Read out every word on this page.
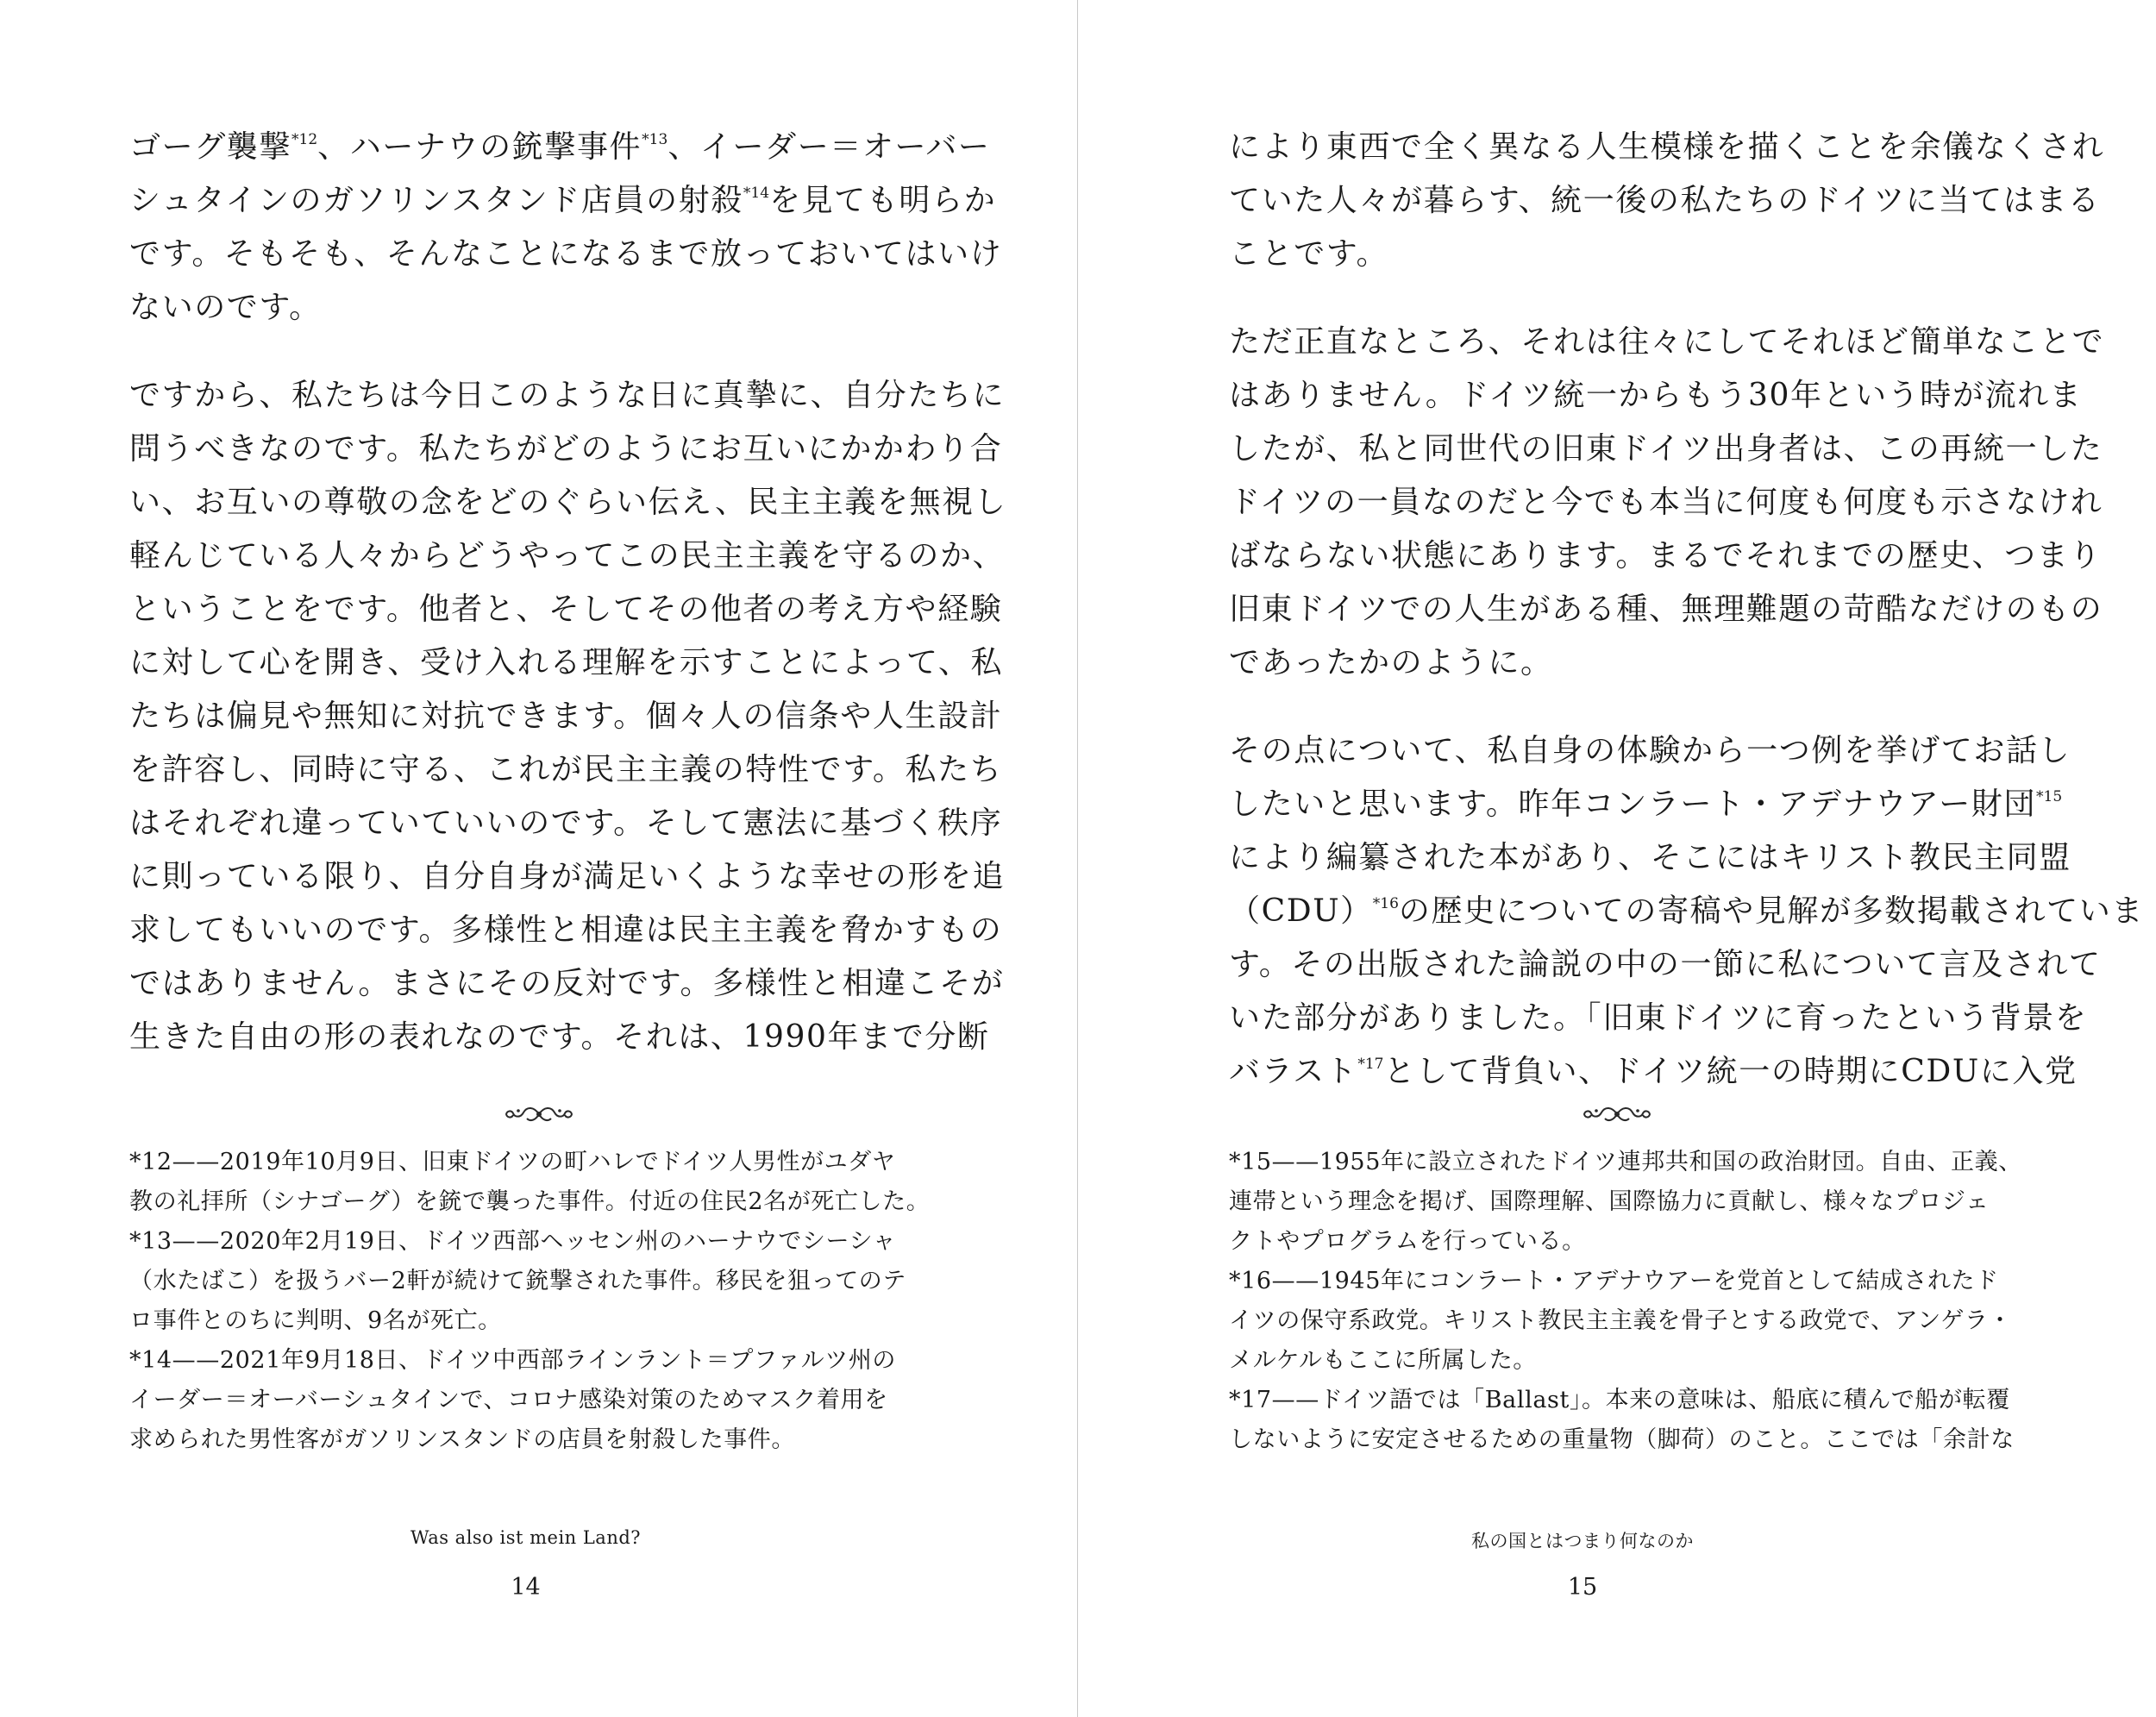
ゴーグ襲撃$^{*12}$、ハーナウの銃撃事件$^{*13}$、イーダー＝オーバー
シュタインのガソリンスタンド店員の射殺$^{*14}$を見ても明らか
です。そもそも、そんなことになるまで放っておいてはいけ
ないのです。

ですから、私たちは今日このような日に真摯に、自分たちに
問うべきなのです。私たちがどのようにお互いにかかわり合
い、お互いの尊敬の念をどのぐらい伝え、民主主義を無視し
軽んじている人々からどうやってこの民主主義を守るのか、
ということをです。他者と、そしてその他者の考え方や経験
に対して心を開き、受け入れる理解を示すことによって、私
たちは偏見や無知に対抗できます。個々人の信条や人生設計
を許容し、同時に守る、これが民主主義の特性です。私たち
はそれぞれ違っていていいのです。そして憲法に基づく秩序
に則っている限り、自分自身が満足いくような幸せの形を追
求してもいいのです。多様性と相違は民主主義を脅かすもの
ではありません。まさにその反対です。多様性と相違こそが
生きた自由の形の表れなのです。それは、1990年まで分断

*12——2019年10月9日、旧東ドイツの町ハレでドイツ人男性がユダヤ
教の礼拝所（シナゴーグ）を銃で襲った事件。付近の住民2名が死亡した。

*13——2020年2月19日、ドイツ西部ヘッセン州のハーナウでシーシャ
（水たばこ）を扱うバー2軒が続けて銃撃された事件。移民を狙ってのテ
ロ事件とのちに判明、9名が死亡。

*14——2021年9月18日、ドイツ中西部ラインラント＝プファルツ州の
イーダー＝オーバーシュタインで、コロナ感染対策のためマスク着用を
求められた男性客がガソリンスタンドの店員を射殺した事件。

Was also ist mein Land?
14

により東西で全く異なる人生模様を描くことを余儀なくされ
ていた人々が暮らす、統一後の私たちのドイツに当てはまる
ことです。

ただ正直なところ、それは往々にしてそれほど簡単なことで
はありません。ドイツ統一からもう30年という時が流れま
したが、私と同世代の旧東ドイツ出身者は、この再統一した
ドイツの一員なのだと今でも本当に何度も何度も示さなけれ
ばならない状態にあります。まるでそれまでの歴史、つまり
旧東ドイツでの人生がある種、無理難題の苛酷なだけのもの
であったかのように。

その点について、私自身の体験から一つ例を挙げてお話し
したいと思います。昨年コンラート・アデナウアー財団$^{*15}$
により編纂された本があり、そこにはキリスト教民主同盟
（CDU）$^{*16}$の歴史についての寄稿や見解が多数掲載されていま
す。その出版された論説の中の一節に私について言及されて
いた部分がありました。「旧東ドイツに育ったという背景を
バラスト$^{*17}$として背負い、ドイツ統一の時期にCDUに入党

*15——1955年に設立されたドイツ連邦共和国の政治財団。自由、正義、
連帯という理念を掲げ、国際理解、国際協力に貢献し、様々なプロジェ
クトやプログラムを行っている。

*16——1945年にコンラート・アデナウアーを党首として結成されたド
イツの保守系政党。キリスト教民主主義を骨子とする政党で、アンゲラ・
メルケルもここに所属した。

*17——ドイツ語では「Ballast」。本来の意味は、船底に積んで船が転覆
しないように安定させるための重量物（脚荷）のこと。ここでは「余計な

私の国とはつまり何なのか
15
